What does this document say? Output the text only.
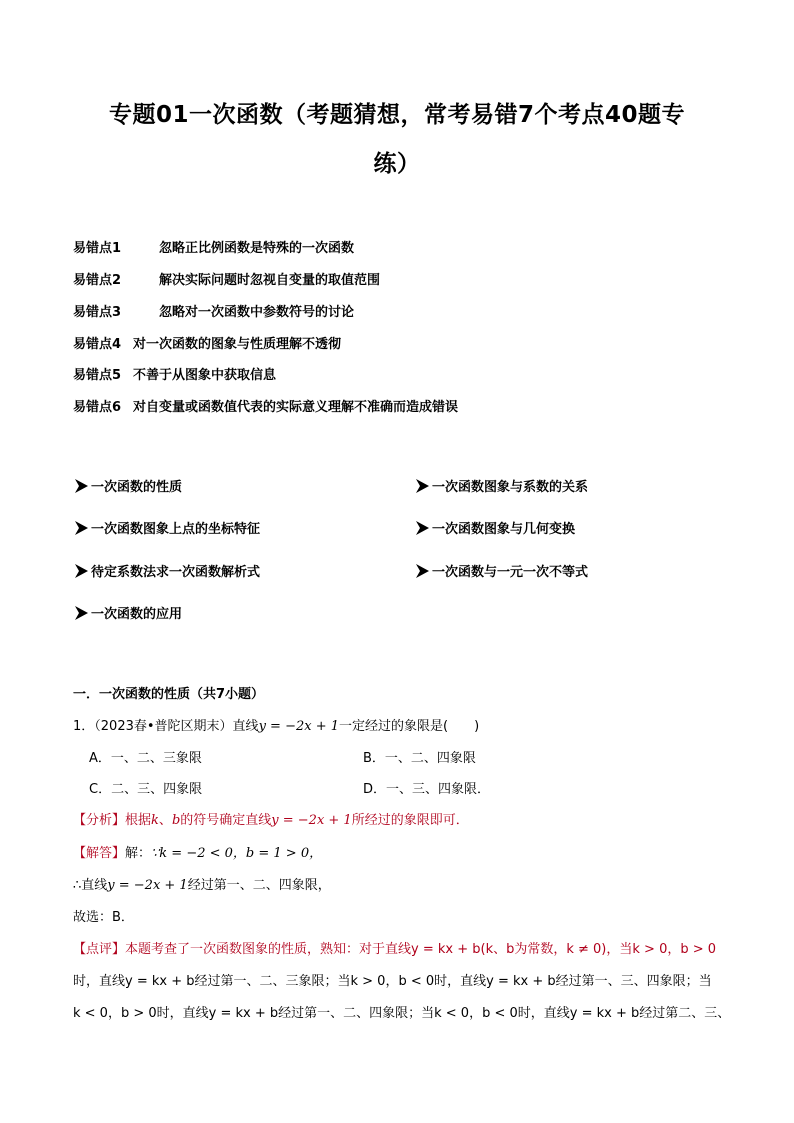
专题01一次函数（考题猜想，常考易错7个考点40题专
练）
易错点1	忽略正比例函数是特殊的一次函数
易错点2	解决实际问题时忽视自变量的取值范围
易错点3	忽略对一次函数中参数符号的讨论
易错点4 对一次函数的图象与性质理解不透彻
易错点5 不善于从图象中获取信息
易错点6 对自变量或函数值代表的实际意义理解不准确而造成错误
一次函数的性质	一次函数图象与系数的关系
一次函数图象上点的坐标特征	一次函数图象与几何变换
待定系数法求一次函数解析式	一次函数与一元一次不等式
一次函数的应用
一．一次函数的性质（共7小题）
1．（2023春•普陀区期末）直线y = −2x + 1一定经过的象限是(　　)
A．一、二、三象限	B．一、二、四象限
C．二、三、四象限	D．一、三、四象限．
【分析】根据k、b的符号确定直线y = −2x + 1所经过的象限即可．
【解答】解：∵k = −2 < 0，b = 1 > 0，
∴直线y = −2x + 1经过第一、二、四象限，
故选：B．
【点评】本题考查了一次函数图象的性质，熟知：对于直线y = kx + b(k、b为常数，k ≠ 0)，当k > 0，b > 0
时，直线y = kx + b经过第一、二、三象限；当k > 0，b < 0时，直线y = kx + b经过第一、三、四象限；当
k < 0，b > 0时，直线y = kx + b经过第一、二、四象限；当k < 0，b < 0时，直线y = kx + b经过第二、三、
